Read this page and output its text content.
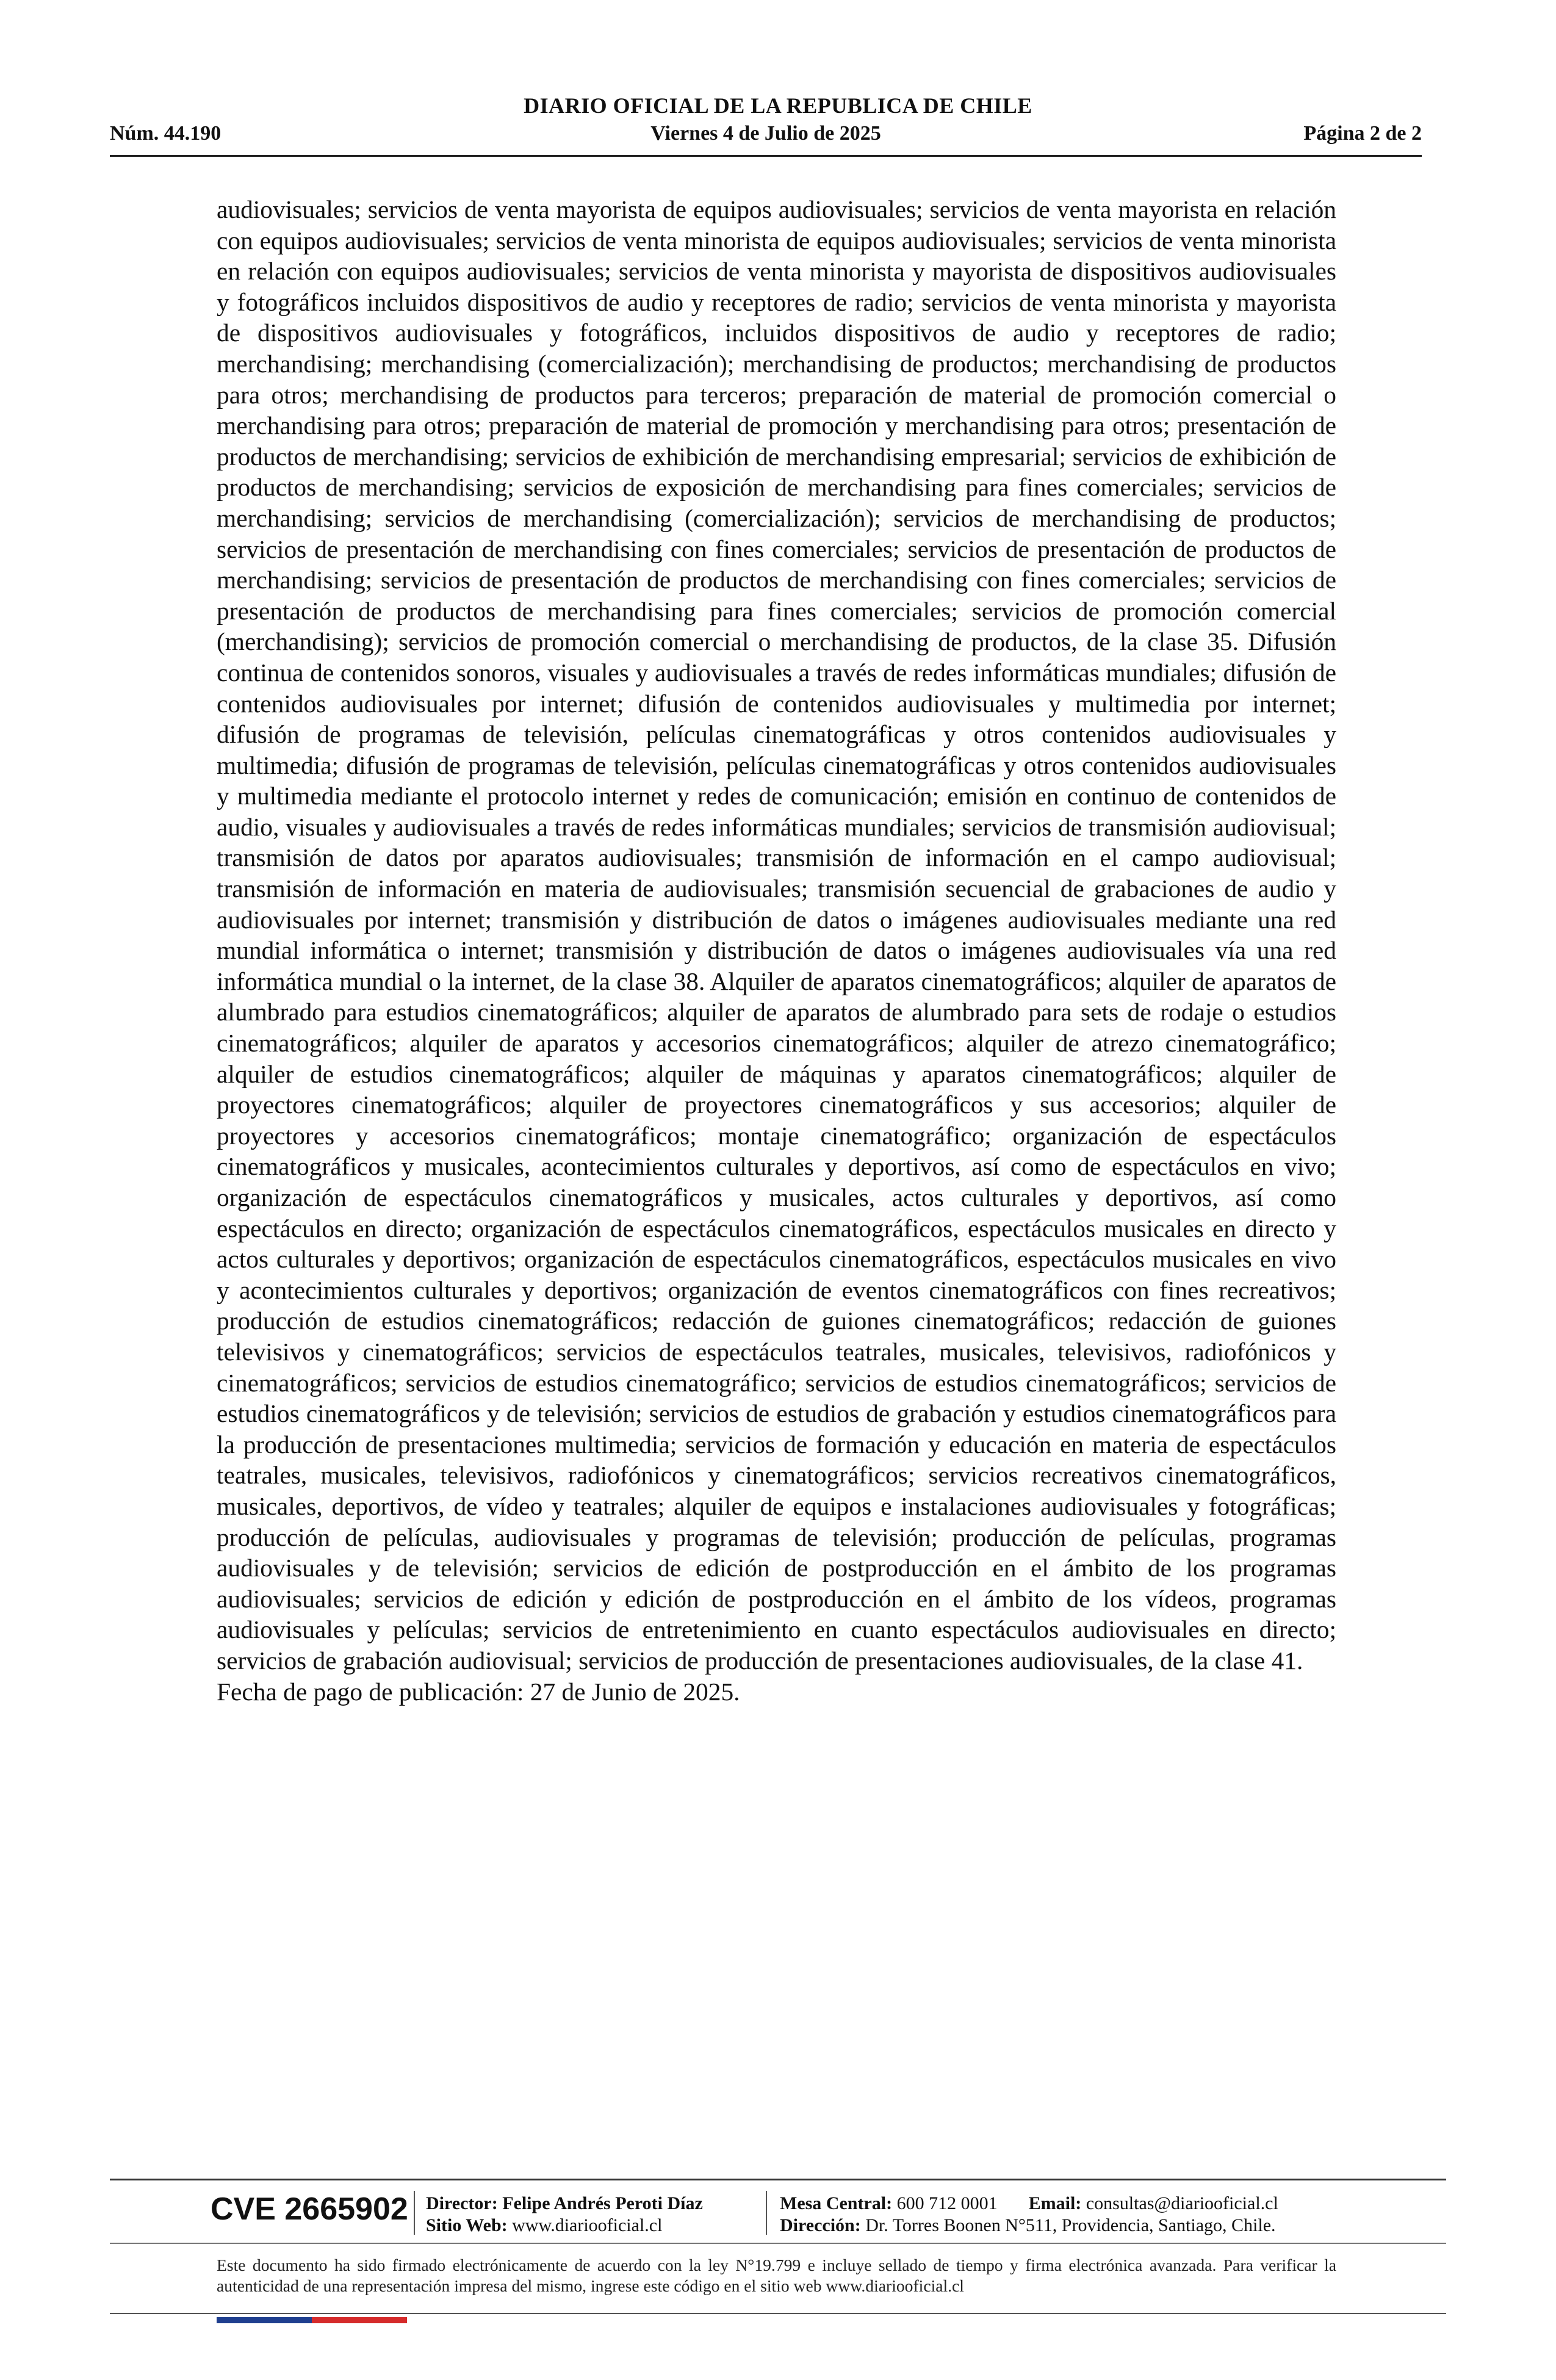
DIARIO OFICIAL DE LA REPUBLICA DE CHILE
Núm. 44.190	Viernes 4 de Julio de 2025	Página 2 de 2

audiovisuales; servicios de venta mayorista de equipos audiovisuales; servicios de venta mayorista en relación con equipos audiovisuales; servicios de venta minorista de equipos audiovisuales; servicios de venta minorista en relación con equipos audiovisuales; servicios de venta minorista y mayorista de dispositivos audiovisuales y fotográficos incluidos dispositivos de audio y receptores de radio; servicios de venta minorista y mayorista de dispositivos audiovisuales y fotográficos, incluidos dispositivos de audio y receptores de radio; merchandising; merchandising (comercialización); merchandising de productos; merchandising de productos para otros; merchandising de productos para terceros; preparación de material de promoción comercial o merchandising para otros; preparación de material de promoción y merchandising para otros; presentación de productos de merchandising; servicios de exhibición de merchandising empresarial; servicios de exhibición de productos de merchandising; servicios de exposición de merchandising para fines comerciales; servicios de merchandising; servicios de merchandising (comercialización); servicios de merchandising de productos; servicios de presentación de merchandising con fines comerciales; servicios de presentación de productos de merchandising; servicios de presentación de productos de merchandising con fines comerciales; servicios de presentación de productos de merchandising para fines comerciales; servicios de promoción comercial (merchandising); servicios de promoción comercial o merchandising de productos, de la clase 35. Difusión continua de contenidos sonoros, visuales y audiovisuales a través de redes informáticas mundiales; difusión de contenidos audiovisuales por internet; difusión de contenidos audiovisuales y multimedia por internet; difusión de programas de televisión, películas cinematográficas y otros contenidos audiovisuales y multimedia; difusión de programas de televisión, películas cinematográficas y otros contenidos audiovisuales y multimedia mediante el protocolo internet y redes de comunicación; emisión en continuo de contenidos de audio, visuales y audiovisuales a través de redes informáticas mundiales; servicios de transmisión audiovisual; transmisión de datos por aparatos audiovisuales; transmisión de información en el campo audiovisual; transmisión de información en materia de audiovisuales; transmisión secuencial de grabaciones de audio y audiovisuales por internet; transmisión y distribución de datos o imágenes audiovisuales mediante una red mundial informática o internet; transmisión y distribución de datos o imágenes audiovisuales vía una red informática mundial o la internet, de la clase 38. Alquiler de aparatos cinematográficos; alquiler de aparatos de alumbrado para estudios cinematográficos; alquiler de aparatos de alumbrado para sets de rodaje o estudios cinematográficos; alquiler de aparatos y accesorios cinematográficos; alquiler de atrezo cinematográfico; alquiler de estudios cinematográficos; alquiler de máquinas y aparatos cinematográficos; alquiler de proyectores cinematográficos; alquiler de proyectores cinematográficos y sus accesorios; alquiler de proyectores y accesorios cinematográficos; montaje cinematográfico; organización de espectáculos cinematográficos y musicales, acontecimientos culturales y deportivos, así como de espectáculos en vivo; organización de espectáculos cinematográficos y musicales, actos culturales y deportivos, así como espectáculos en directo; organización de espectáculos cinematográficos, espectáculos musicales en directo y actos culturales y deportivos; organización de espectáculos cinematográficos, espectáculos musicales en vivo y acontecimientos culturales y deportivos; organización de eventos cinematográficos con fines recreativos; producción de estudios cinematográficos; redacción de guiones cinematográficos; redacción de guiones televisivos y cinematográficos; servicios de espectáculos teatrales, musicales, televisivos, radiofónicos y cinematográficos; servicios de estudios cinematográfico; servicios de estudios cinematográficos; servicios de estudios cinematográficos y de televisión; servicios de estudios de grabación y estudios cinematográficos para la producción de presentaciones multimedia; servicios de formación y educación en materia de espectáculos teatrales, musicales, televisivos, radiofónicos y cinematográficos; servicios recreativos cinematográficos, musicales, deportivos, de vídeo y teatrales; alquiler de equipos e instalaciones audiovisuales y fotográficas; producción de películas, audiovisuales y programas de televisión; producción de películas, programas audiovisuales y de televisión; servicios de edición de postproducción en el ámbito de los programas audiovisuales; servicios de edición y edición de postproducción en el ámbito de los vídeos, programas audiovisuales y películas; servicios de entretenimiento en cuanto espectáculos audiovisuales en directo; servicios de grabación audiovisual; servicios de producción de presentaciones audiovisuales, de la clase 41.

Fecha de pago de publicación: 27 de Junio de 2025.

CVE 2665902 Director: Felipe Andrés Peroti Díaz
Sitio Web: www.diariooficial.cl
Mesa Central: 600 712 0001 Email: consultas@diariooficial.cl
Dirección: Dr. Torres Boonen N°511, Providencia, Santiago, Chile.
Este documento ha sido firmado electrónicamente de acuerdo con la ley N°19.799 e incluye sellado de tiempo y firma electrónica avanzada. Para verificar la autenticidad de una representación impresa del mismo, ingrese este código en el sitio web www.diariooficial.cl
